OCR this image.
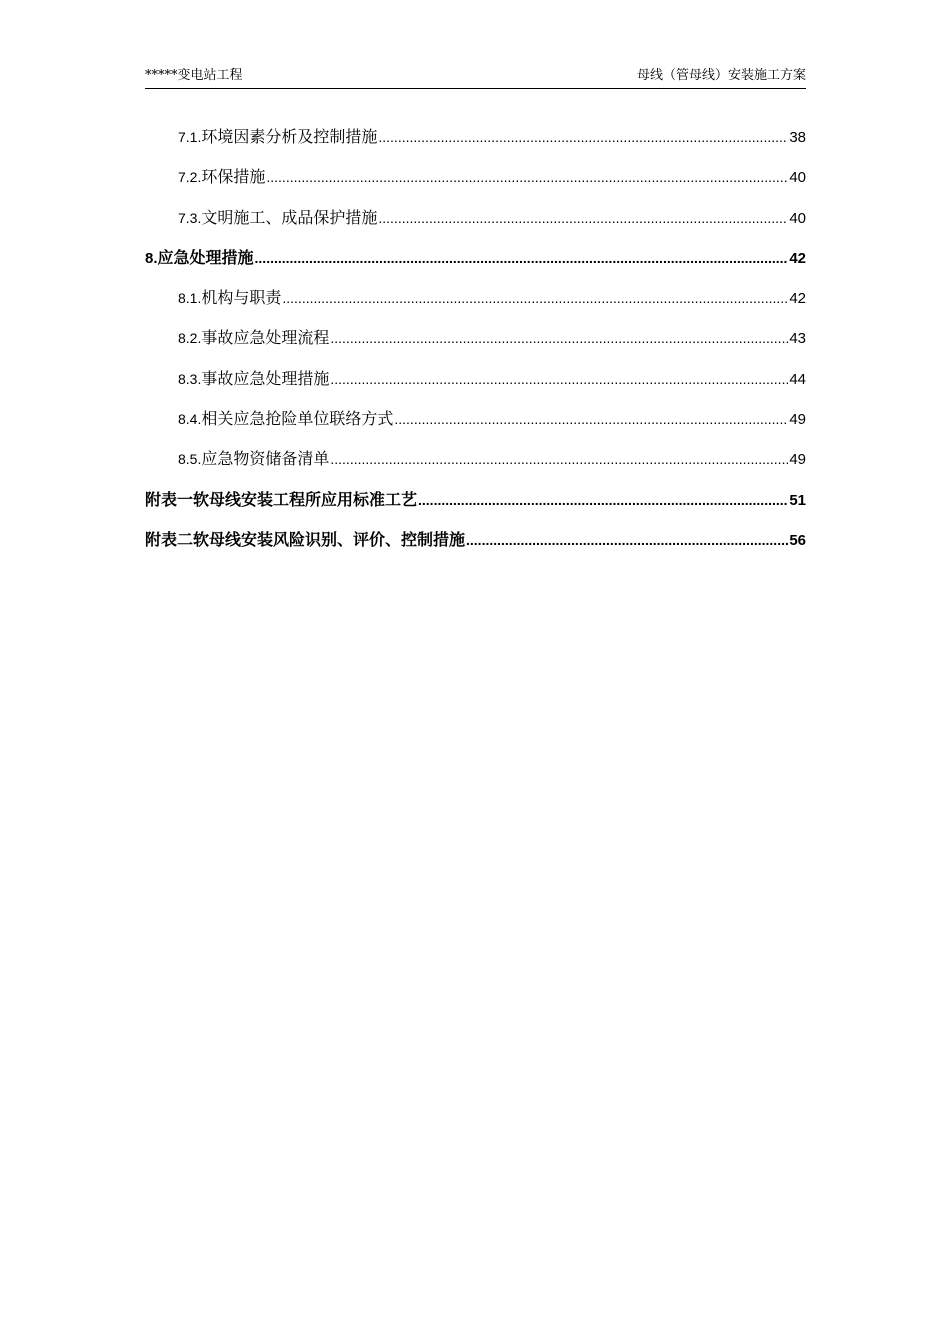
*****变电站工程	母线（管母线）安装施工方案
7.1. 环境因素分析及控制措施 .....	38
7.2. 环保措施 .....	40
7.3. 文明施工、成品保护措施 .....	40
8. 应急处理措施 .....	42
8.1. 机构与职责 .....	42
8.2. 事故应急处理流程 .....	43
8.3. 事故应急处理措施 .....	44
8.4. 相关应急抢险单位联络方式 .....	49
8.5. 应急物资储备清单 .....	49
附表一软母线安装工程所应用标准工艺 .....	51
附表二软母线安装风险识别、评价、控制措施 .....	56
